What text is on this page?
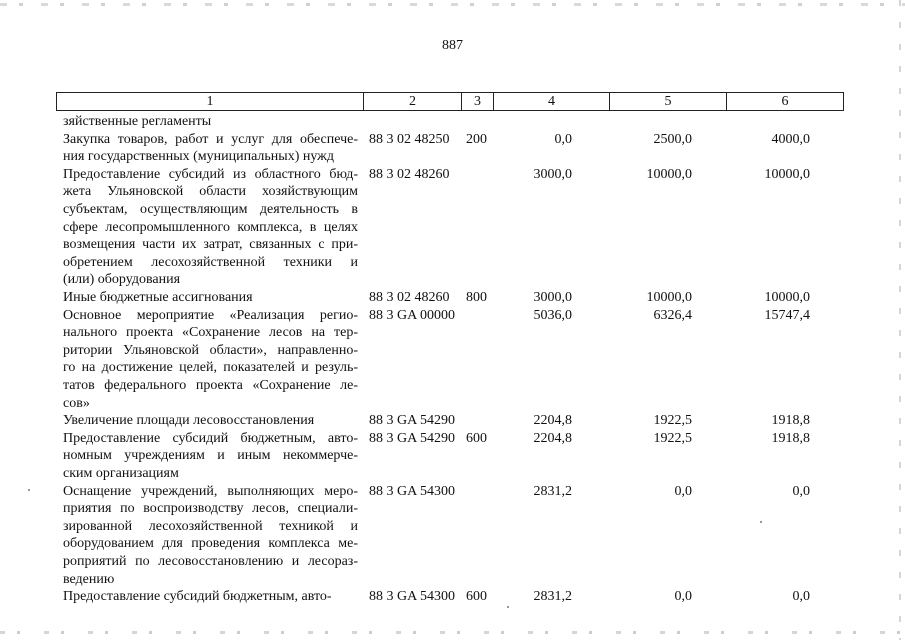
887
1	2	3	4	5	6
зяйственные регламенты
Закупка товаров, работ и услуг для обеспече-
ния государственных (муниципальных) нужд
88 3 02 48250 200	0,0	2500,0	4000,0
Предоставление субсидий из областного бюд-
жета Ульяновской области хозяйствующим
субъектам, осуществляющим деятельность в
сфере лесопромышленного комплекса, в целях
возмещения части их затрат, связанных с при-
обретением лесохозяйственной техники и
(или) оборудования
88 3 02 48260	3000,0	10000,0	10000,0
Иные бюджетные ассигнования	88 3 02 48260 800	3000,0	10000,0	10000,0
Основное мероприятие «Реализация регио-
нального проекта «Сохранение лесов на тер-
ритории Ульяновской области», направленно-
го на достижение целей, показателей и резуль-
татов федерального проекта «Сохранение ле-
сов»
88 3 GA 00000	5036,0	6326,4	15747,4
Увеличение площади лесовосстановления	88 3 GA 54290	2204,8	1922,5	1918,8
Предоставление субсидий бюджетным, авто-
номным учреждениям и иным некоммерче-
ским организациям
88 3 GA 54290 600	2204,8	1922,5	1918,8
Оснащение учреждений, выполняющих меро-
приятия по воспроизводству лесов, специали-
зированной лесохозяйственной техникой и
оборудованием для проведения комплекса ме-
роприятий по лесовосстановлению и лесораз-
ведению
88 3 GA 54300	2831,2	0,0	0,0
Предоставление субсидий бюджетным, авто-	88 3 GA 54300 600	2831,2	0,0	0,0
